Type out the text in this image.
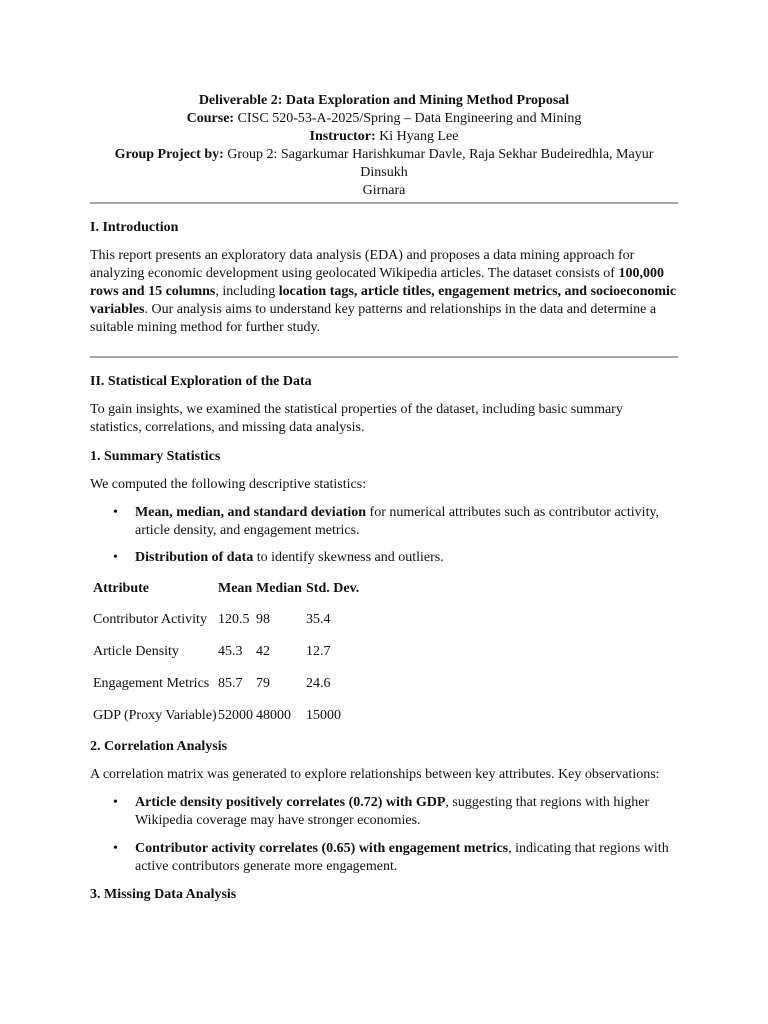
Deliverable 2: Data Exploration and Mining Method Proposal
Course: CISC 520-53-A-2025/Spring – Data Engineering and Mining
Instructor: Ki Hyang Lee
Group Project by: Group 2: Sagarkumar Harishkumar Davle, Raja Sekhar Budeiredhla, Mayur Dinsukh
Girnara
I. Introduction
This report presents an exploratory data analysis (EDA) and proposes a data mining approach for analyzing economic development using geolocated Wikipedia articles. The dataset consists of 100,000 rows and 15 columns, including location tags, article titles, engagement metrics, and socioeconomic variables. Our analysis aims to understand key patterns and relationships in the data and determine a suitable mining method for further study.
II. Statistical Exploration of the Data
To gain insights, we examined the statistical properties of the dataset, including basic summary statistics, correlations, and missing data analysis.
1. Summary Statistics
We computed the following descriptive statistics:
• Mean, median, and standard deviation for numerical attributes such as contributor activity, article density, and engagement metrics.
• Distribution of data to identify skewness and outliers.
Attribute	Mean Median Std. Dev.
Contributor Activity 120.5 98	35.4
Article Density	45.3 42	12.7
Engagement Metrics 85.7 79	24.6
GDP (Proxy Variable) 52000 48000 15000
2. Correlation Analysis
A correlation matrix was generated to explore relationships between key attributes. Key observations:
• Article density positively correlates (0.72) with GDP, suggesting that regions with higher Wikipedia coverage may have stronger economies.
• Contributor activity correlates (0.65) with engagement metrics, indicating that regions with active contributors generate more engagement.
3. Missing Data Analysis
